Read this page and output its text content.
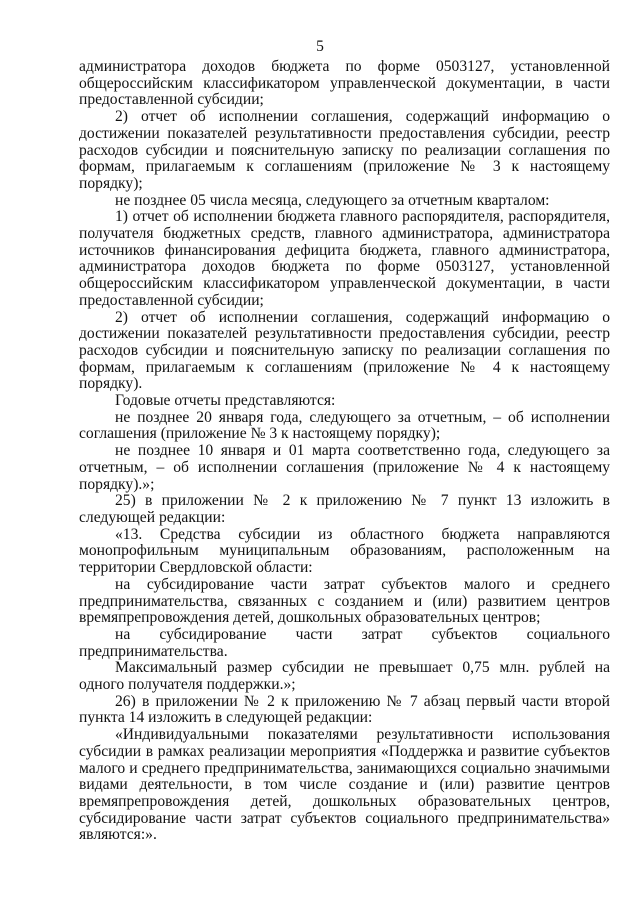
5

администратора доходов бюджета по форме 0503127, установленной общероссийским классификатором управленческой документации, в части предоставленной субсидии;

2) отчет об исполнении соглашения, содержащий информацию о достижении показателей результативности предоставления субсидии, реестр расходов субсидии и пояснительную записку по реализации соглашения по формам, прилагаемым к соглашениям (приложение № 3 к настоящему порядку);

не позднее 05 числа месяца, следующего за отчетным кварталом:

1) отчет об исполнении бюджета главного распорядителя, распорядителя, получателя бюджетных средств, главного администратора, администратора источников финансирования дефицита бюджета, главного администратора, администратора доходов бюджета по форме 0503127, установленной общероссийским классификатором управленческой документации, в части предоставленной субсидии;

2) отчет об исполнении соглашения, содержащий информацию о достижении показателей результативности предоставления субсидии, реестр расходов субсидии и пояснительную записку по реализации соглашения по формам, прилагаемым к соглашениям (приложение № 4 к настоящему порядку).

Годовые отчеты представляются:

не позднее 20 января года, следующего за отчетным, – об исполнении соглашения (приложение № 3 к настоящему порядку);

не позднее 10 января и 01 марта соответственно года, следующего за отчетным, – об исполнении соглашения (приложение № 4 к настоящему порядку).»;

25) в приложении № 2 к приложению № 7 пункт 13 изложить в следующей редакции:

«13. Средства субсидии из областного бюджета направляются монопрофильным муниципальным образованиям, расположенным на территории Свердловской области:

на субсидирование части затрат субъектов малого и среднего предпринимательства, связанных с созданием и (или) развитием центров времяпрепровождения детей, дошкольных образовательных центров;

на субсидирование части затрат субъектов социального предпринимательства.

Максимальный размер субсидии не превышает 0,75 млн. рублей на одного получателя поддержки.»;

26) в приложении № 2 к приложению № 7 абзац первый части второй пункта 14 изложить в следующей редакции:

«Индивидуальными показателями результативности использования субсидии в рамках реализации мероприятия «Поддержка и развитие субъектов малого и среднего предпринимательства, занимающихся социально значимыми видами деятельности, в том числе создание и (или) развитие центров времяпрепровождения детей, дошкольных образовательных центров, субсидирование части затрат субъектов социального предпринимательства» являются:».
